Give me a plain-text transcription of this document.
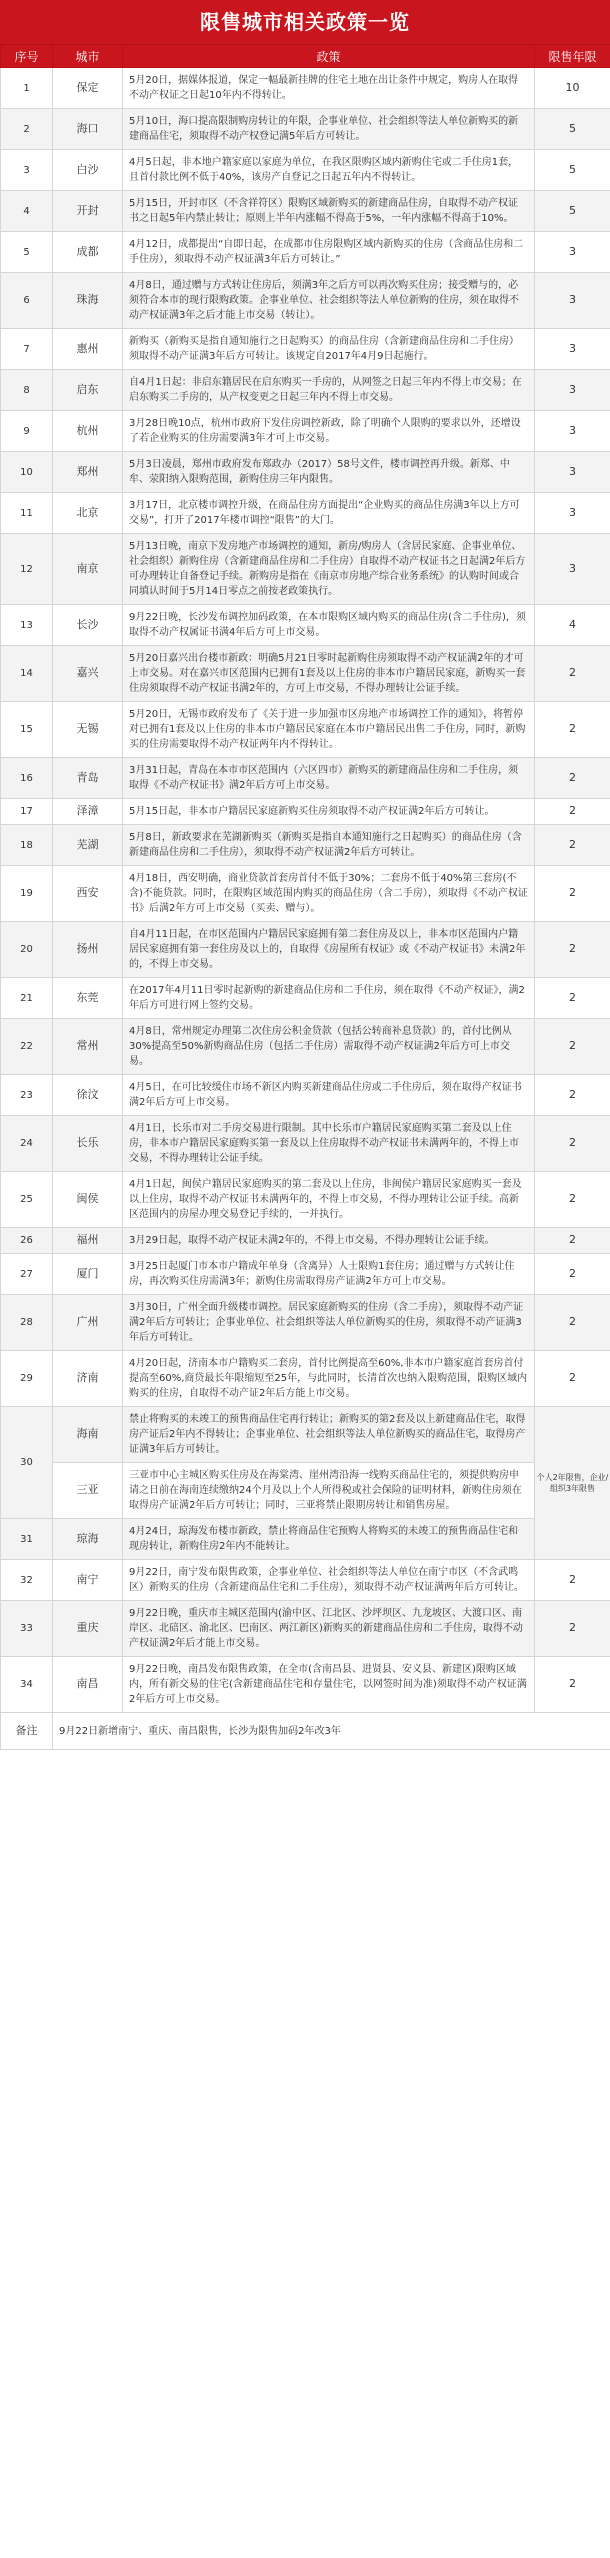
限售城市相关政策一览
序号	城市	政策	限售年限
1	保定	5月20日，据媒体报道，保定一幅最新挂牌的住宅土地在出让条件中规定，购房人在取得不动产权证之日起10年内不得转让。	10
2	海口	5月10日，海口提高限制购房转让的年限，企事业单位、社会组织等法人单位新购买的新建商品住宅，须取得不动产权登记满5年后方可转让。	5
3	白沙	4月5日起，非本地户籍家庭以家庭为单位，在我区限购区域内新购住宅或二手住房1套，且首付款比例不低于40%，该房产自登记之日起五年内不得转让。	5
4	开封	5月15日，开封市区（不含祥符区）限购区域新购买的新建商品住房，自取得不动产权证书之日起5年内禁止转让；原则上半年内涨幅不得高于5%，一年内涨幅不得高于10%。	5
5	成都	4月12日，成都提出“自即日起，在成都市住房限购区域内新购买的住房（含商品住房和二手住房），须取得不动产权证满3年后方可转让。”	3
6	珠海	4月8日，通过赠与方式转让住房后，须满3年之后方可以再次购买住房；接受赠与的，必须符合本市的现行限购政策。企事业单位、社会组织等法人单位新购的住房，须在取得不动产权证满3年之后才能上市交易（转让）。	3
7	惠州	新购买（新购买是指自通知施行之日起购买）的商品住房（含新建商品住房和二手住房）须取得不动产证满3年后方可转让。该规定自2017年4月9日起施行。	3
8	启东	自4月1日起：非启东籍居民在启东购买一手房的，从网签之日起三年内不得上市交易；在启东购买二手房的，从产权变更之日起三年内不得上市交易。	3
9	杭州	3月28日晚10点，杭州市政府下发住房调控新政，除了明确个人限购的要求以外，还增设了若企业购买的住房需要满3年才可上市交易。	3
10	郑州	5月3日凌晨，郑州市政府发布郑政办（2017）58号文件，楼市调控再升级。新郑、中牟、荥阳纳入限购范围，新购住房三年内限售。	3
11	北京	3月17日，北京楼市调控升级，在商品住房方面提出“企业购买的商品住房满3年以上方可交易”，打开了2017年楼市调控“限售”的大门。	3
12	南京	5月13日晚，南京下发房地产市场调控的通知，新房/购房人（含居民家庭、企事业单位、社会组织）新购住房（含新建商品住房和二手住房）自取得不动产权证书之日起满2年后方可办理转让自备登记手续。新购房是指在《南京市房地产综合业务系统》的认购时间或合同填认时间于5月14日零点之前按老政策执行。	3
13	长沙	9月22日晚，长沙发布调控加码政策，在本市限购区域内购买的商品住房(含二手住房)，须取得不动产权属证书满4年后方可上市交易。	4
14	嘉兴	5月20日嘉兴出台楼市新政：明确5月21日零时起新购住房须取得不动产权证满2年的才可上市交易。对在嘉兴市区范围内已拥有1套及以上住房的非本市户籍居民家庭，新购买一套住房须取得不动产权证书满2年的，方可上市交易，不得办理转让公证手续。	2
15	无锡	5月20日，无锡市政府发布了《关于进一步加强市区房地产市场调控工作的通知》，将暂停对已拥有1套及以上住房的非本市户籍居民家庭在本市户籍居民出售二手住房，同时，新购买的住房需要取得不动产权证两年内不得转让。	2
16	青岛	3月31日起，青岛在本市市区范围内（六区四市）新购买的新建商品住房和二手住房，须取得《不动产权证书》满2年后方可上市交易。	2
17	泽漳	5月15日起，非本市户籍居民家庭新购买住房须取得不动产权证满2年后方可转让。	2
18	芜湖	5月8日，新政要求在芜湖新购买（新购买是指自本通知施行之日起购买）的商品住房（含新建商品住房和二手住房），须取得不动产权证满2年后方可转让。	2
19	西安	4月18日，西安明确，商业贷款首套房首付不低于30%；二套房不低于40%第三套房(不含)不能贷款。同时，在限购区域范围内购买的商品住房（含二手房），须取得《不动产权证书》后满2年方可上市交易（买卖、赠与）。	2
20	扬州	自4月11日起，在市区范围内户籍居民家庭拥有第二套住房及以上，非本市区范围内户籍居民家庭拥有第一套住房及以上的，自取得《房屋所有权证》或《不动产权证书》未满2年的，不得上市交易。	2
21	东莞	在2017年4月11日零时起新购的新建商品住房和二手住房，须在取得《不动产权证》，满2年后方可进行网上签约交易。	2
22	常州	4月8日，常州规定办理第二次住房公积金贷款（包括公转商补息贷款）的，首付比例从30%提高至50%新购商品住房（包括二手住房）需取得不动产权证满2年后方可上市交易。	2
23	徐汶	4月5日，在可比较缓住市场不新区内购买新建商品住房或二手住房后，须在取得产权证书满2年后方可上市交易。	2
24	长乐	4月1日，长乐市对二手房交易进行限制。其中长乐市户籍居民家庭购买第二套及以上住房，非本市户籍居民家庭购买第一套及以上住房取得不动产权证书未满两年的，不得上市交易，不得办理转让公证手续。	2
25	闽侯	4月1日起，闽侯户籍居民家庭购买的第二套及以上住房，非闽侯户籍居民家庭购买一套及以上住房，取得不动产权证书未满两年的，不得上市交易，不得办理转让公证手续。高新区范围内的房屋办理交易登记手续的，一并执行。	2
26	福州	3月29日起，取得不动产权证未满2年的，不得上市交易，不得办理转让公证手续。	2
27	厦门	3月25日起厦门市本市户籍成年单身（含离异）人士限购1套住房；通过赠与方式转让住房，再次购买住房需满3年；新购住房需取得房产证满2年方可上市交易。	2
28	广州	3月30日，广州全面升级楼市调控。居民家庭新购买的住房（含二手房），须取得不动产证满2年后方可转让；企事业单位、社会组织等法人单位新购买的住房，须取得不动产证满3年后方可转让。	2
29	济南	4月20日起，济南本市户籍购买二套房，首付比例提高至60%,非本市户籍家庭首套房首付提高至60%,商贷最长年限缩短至25年，与此同时，长清首次也纳入限购范围，限购区域内购买的住房，自取得不动产证2年后方能上市交易。	2
30	海南	禁止将购买的未竣工的预售商品住宅再行转让；新购买的第2套及以上新建商品住宅，取得房产证后2年内不得转让；企事业单位、社会组织等法人单位新购买的商品住宅，取得房产证满3年后方可转让。	个人2年限售，企业/组织3年限售
	三亚	三亚市中心主城区购买住房及在海棠湾、崖州湾沿海一线购买商品住宅的，须提供购房申请之日前在海南连续缴纳24个月及以上个人所得税或社会保险的证明材料，新购住房须在取得房产证满2年后方可转让；同时，三亚将禁止限期房转让和销售房屋。	
31	琼海	4月24日，琼海发布楼市新政，禁止将商品住宅预购人将购买的未竣工的预售商品住宅和现房转让，新购住房2年内不能转让。	
32	南宁	9月22日，南宁发布限售政策，企事业单位、社会组织等法人单位在南宁市区（不含武鸣区）新购买的住房（含新建商品住宅和二手住房），须取得不动产权证满两年后方可转让。	2
33	重庆	9月22日晚，重庆市主城区范围内(渝中区、江北区、沙坪坝区、九龙坡区、大渡口区、南岸区、北碚区、渝北区、巴南区、两江新区)新购买的新建商品住房和二手住房，取得不动产权证满2年后才能上市交易。	2
34	南昌	9月22日晚，南昌发布限售政策，在全市(含南昌县、进贤县、安义县、新建区)限购区域内，所有新交易的住宅(含新建商品住宅和存量住宅，以网签时间为准)须取得不动产权证满2年后方可上市交易。	2
备注	9月22日新增南宁、重庆、南昌限售，长沙为限售加码2年改3年		
